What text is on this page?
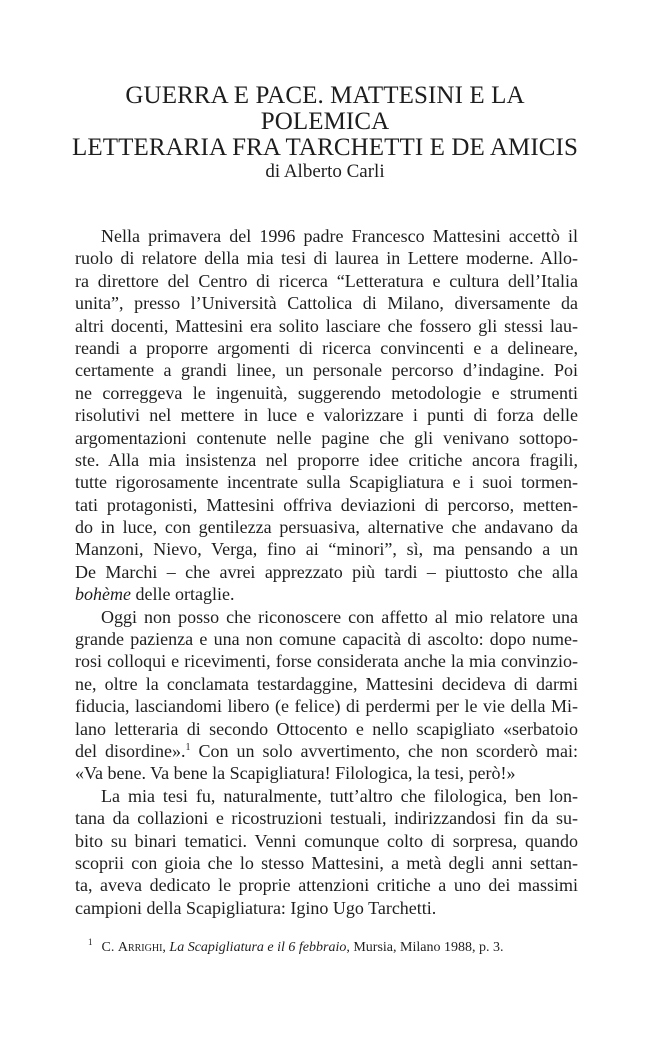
GUERRA E PACE. MATTESINI E LA POLEMICA
LETTERARIA FRA TARCHETTI E DE AMICIS
di Alberto Carli
Nella primavera del 1996 padre Francesco Mattesini accettò il
ruolo di relatore della mia tesi di laurea in Lettere moderne. Allo-
ra direttore del Centro di ricerca “Letteratura e cultura dell’Italia
unita”, presso l’Università Cattolica di Milano, diversamente da
altri docenti, Mattesini era solito lasciare che fossero gli stessi lau-
reandi a proporre argomenti di ricerca convincenti e a delineare,
certamente a grandi linee, un personale percorso d’indagine. Poi
ne correggeva le ingenuità, suggerendo metodologie e strumenti
risolutivi nel mettere in luce e valorizzare i punti di forza delle
argomentazioni contenute nelle pagine che gli venivano sottopo-
ste. Alla mia insistenza nel proporre idee critiche ancora fragili,
tutte rigorosamente incentrate sulla Scapigliatura e i suoi tormen-
tati protagonisti, Mattesini offriva deviazioni di percorso, metten-
do in luce, con gentilezza persuasiva, alternative che andavano da
Manzoni, Nievo, Verga, fino ai “minori”, sì, ma pensando a un
De Marchi – che avrei apprezzato più tardi – piuttosto che alla
bohème delle ortaglie.
Oggi non posso che riconoscere con affetto al mio relatore una
grande pazienza e una non comune capacità di ascolto: dopo nume-
rosi colloqui e ricevimenti, forse considerata anche la mia convinzio-
ne, oltre la conclamata testardaggine, Mattesini decideva di darmi
fiducia, lasciandomi libero (e felice) di perdermi per le vie della Mi-
lano letteraria di secondo Ottocento e nello scapigliato «serbatoio
del disordine».$^1$ Con un solo avvertimento, che non scorderò mai:
«Va bene. Va bene la Scapigliatura! Filologica, la tesi, però!»
La mia tesi fu, naturalmente, tutt’altro che filologica, ben lon-
tana da collazioni e ricostruzioni testuali, indirizzandosi fin da su-
bito su binari tematici. Venni comunque colto di sorpresa, quando
scoprii con gioia che lo stesso Mattesini, a metà degli anni settan-
ta, aveva dedicato le proprie attenzioni critiche a uno dei massimi
campioni della Scapigliatura: Igino Ugo Tarchetti.
$^1$ C. Arrighi, La Scapigliatura e il 6 febbraio, Mursia, Milano 1988, p. 3.
